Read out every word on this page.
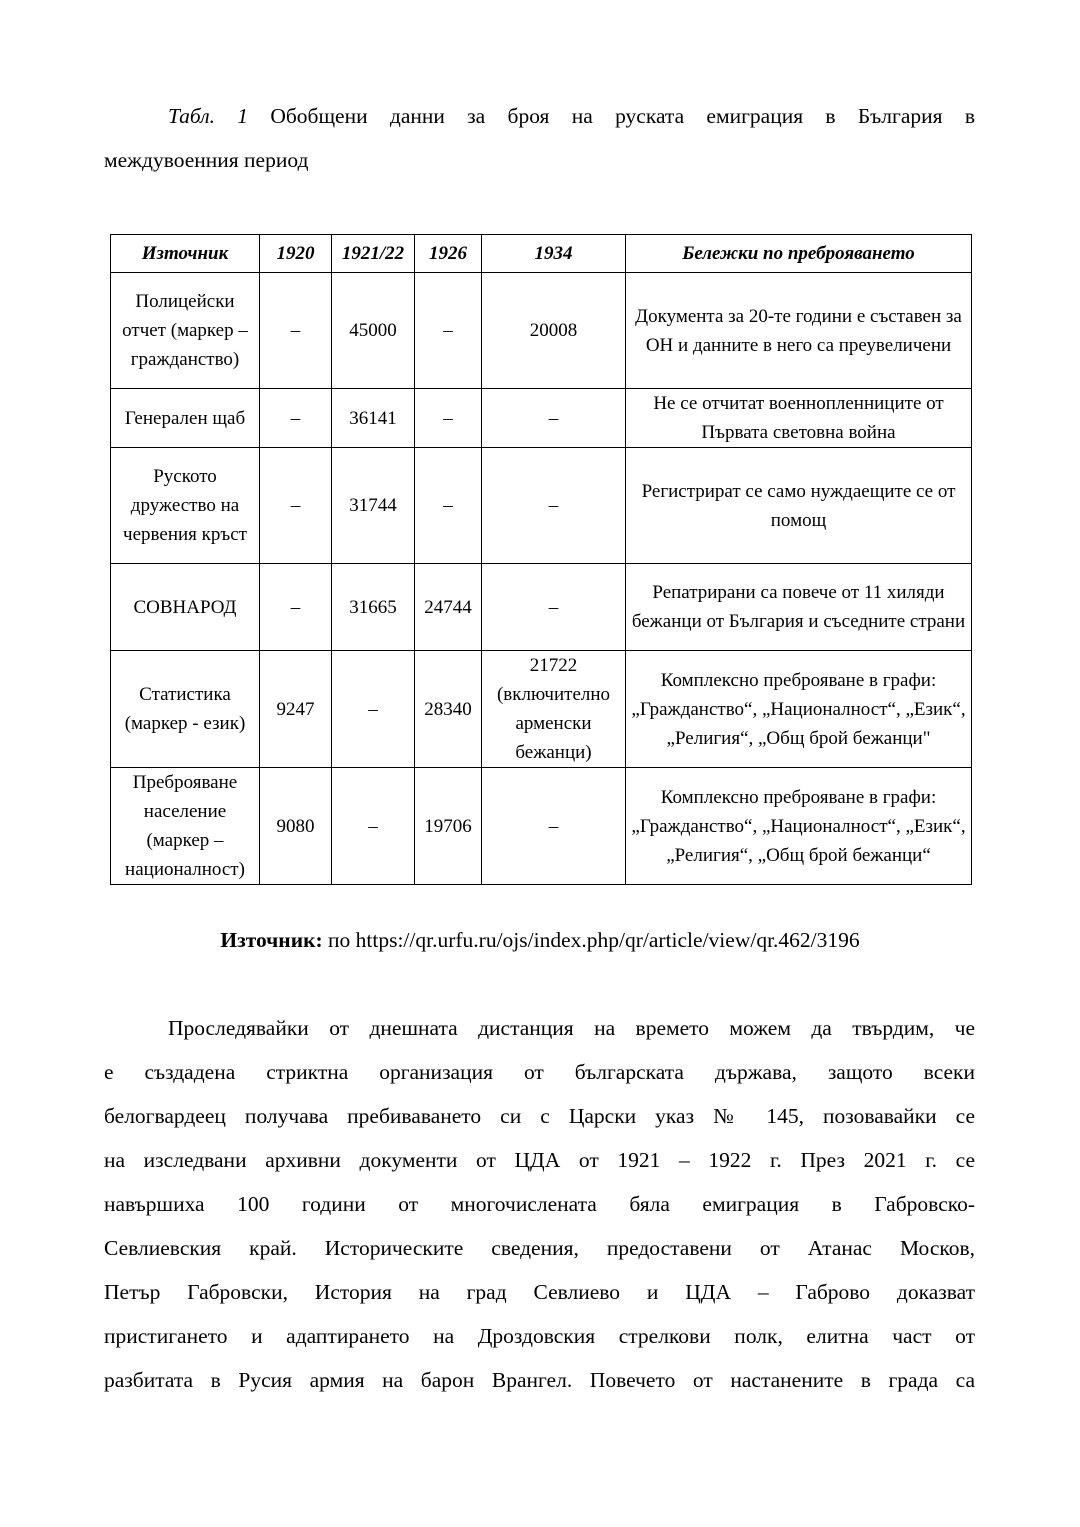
Табл. 1 Обобщени данни за броя на руската емиграция в България в
междувоенния период
Източник	1920	1921/22	1926	1934	Бележки по преброяването
Полицейски отчет (маркер – гражданство)	–	45000	–	20008	Документа за 20-те години е съставен за ОН и данните в него са преувеличени
Генерален щаб	–	36141	–	–	Не се отчитат военнопленниците от Първата световна война
Руското дружество на червения кръст	–	31744	–	–	Регистрират се само нуждаещите се от помощ
СОВНАРОД	–	31665	24744	–	Репатрирани са повече от 11 хиляди бежанци от България и съседните страни
Статистика (маркер - език)	9247	–	28340	21722 (включително арменски бежанци)	Комплексно преброяване в графи: „Гражданство“, „Националност“, „Език“, „Религия“, „Общ брой бежанци"
Преброяване население (маркер – националност)	9080	–	19706	–	Комплексно преброяване в графи: „Гражданство“, „Националност“, „Език“, „Религия“, „Общ брой бежанци“
Източник: по https://qr.urfu.ru/ojs/index.php/qr/article/view/qr.462/3196
Проследявайки от днешната дистанция на времето можем да твърдим, че
е създадена стриктна организация от българската държава, защото всеки
белогвардеец получава пребиваването си с Царски указ № 145, позовавайки се
на изследвани архивни документи от ЦДА от 1921 – 1922 г. През 2021 г. се
навършиха 100 години от многочислената бяла емиграция в Габровско-
Севлиевския край. Историческите сведения, предоставени от Атанас Москов,
Петър Габровски, История на град Севлиево и ЦДА – Габрово доказват
пристигането и адаптирането на Дроздовския стрелкови полк, елитна част от
разбитата в Русия армия на барон Врангел. Повечето от настанените в града са
